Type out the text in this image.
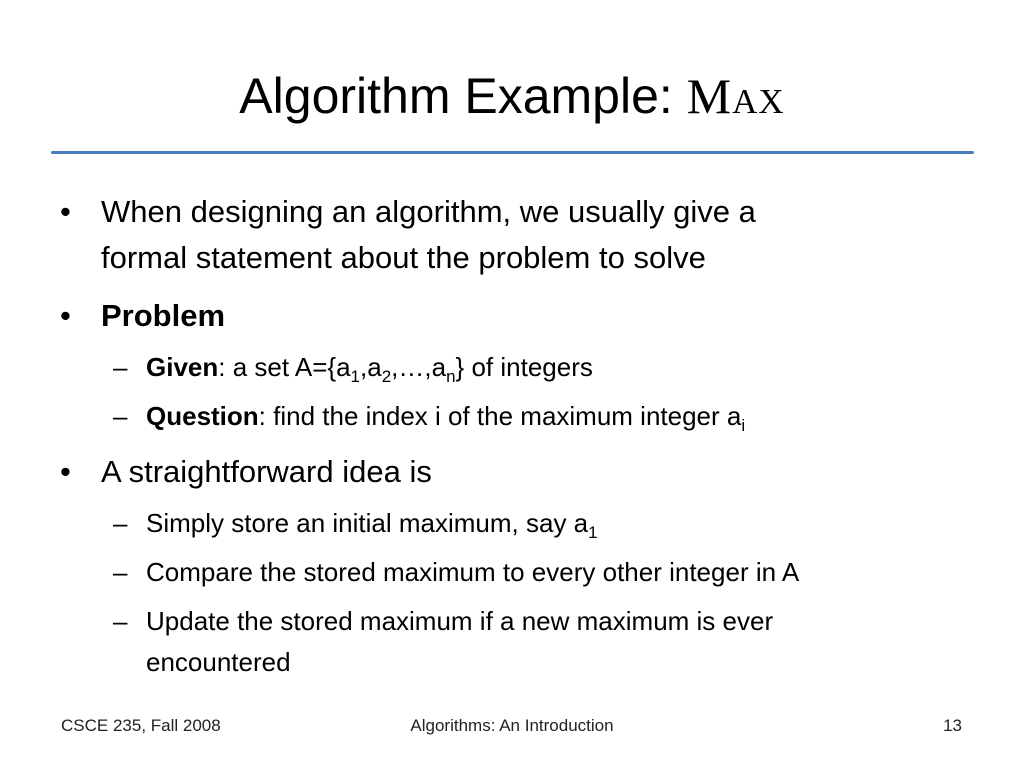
Algorithm Example: Max
• When designing an algorithm, we usually give a
formal statement about the problem to solve
• Problem
– Given: a set $A=\{a_1,a_2,\dots,a_n\}$ of integers
– Question: find the index i of the maximum integer $a_i$
• A straightforward idea is
– Simply store an initial maximum, say $a_1$
– Compare the stored maximum to every other integer in A
– Update the stored maximum if a new maximum is ever
encountered
CSCE 235, Fall 2008	Algorithms: An Introduction	13
